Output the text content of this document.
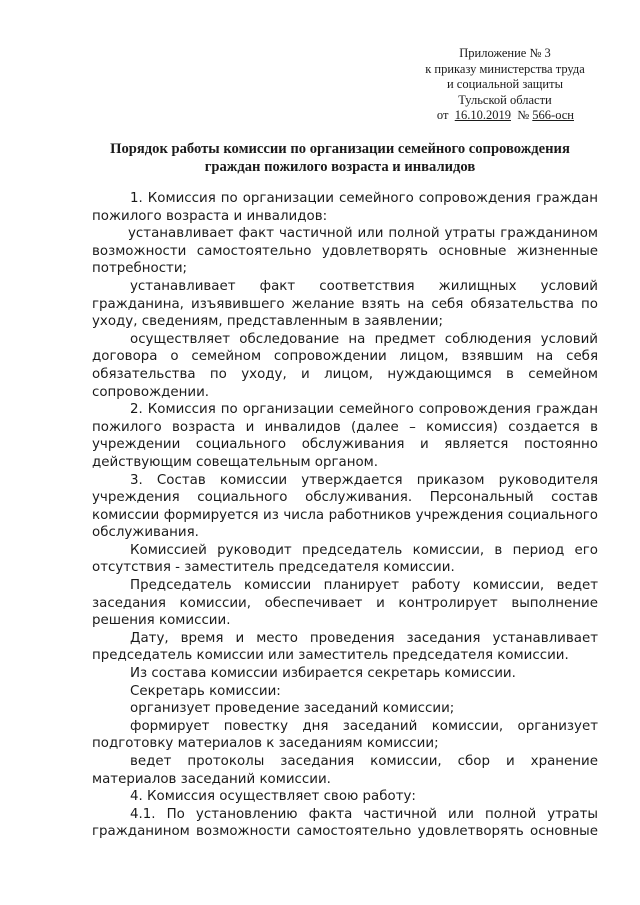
Приложение № 3
к приказу министерства труда
и социальной защиты
Тульской области
от 16.10.2019 № 566-осн
Порядок работы комиссии по организации семейного сопровождения
граждан пожилого возраста и инвалидов

1. Комиссия по организации семейного сопровождения граждан пожилого возраста и инвалидов:

устанавливает факт частичной или полной утраты гражданином возможности самостоятельно удовлетворять основные жизненные потребности;

устанавливает факт соответствия жилищных условий гражданина, изъявившего желание взять на себя обязательства по уходу, сведениям, представленным в заявлении;

осуществляет обследование на предмет соблюдения условий договора о семейном сопровождении лицом, взявшим на себя обязательства по уходу, и лицом, нуждающимся в семейном сопровождении.

2. Комиссия по организации семейного сопровождения граждан пожилого возраста и инвалидов (далее – комиссия) создается в учреждении социального обслуживания и является постоянно действующим совещательным органом.

3. Состав комиссии утверждается приказом руководителя учреждения социального обслуживания. Персональный состав комиссии формируется из числа работников учреждения социального обслуживания.

Комиссией руководит председатель комиссии, в период его отсутствия - заместитель председателя комиссии.

Председатель комиссии планирует работу комиссии, ведет заседания комиссии, обеспечивает и контролирует выполнение решения комиссии.

Дату, время и место проведения заседания устанавливает председатель комиссии или заместитель председателя комиссии.

Из состава комиссии избирается секретарь комиссии.

Секретарь комиссии:

организует проведение заседаний комиссии;

формирует повестку дня заседаний комиссии, организует подготовку материалов к заседаниям комиссии;

ведет протоколы заседания комиссии, сбор и хранение материалов заседаний комиссии.

4. Комиссия осуществляет свою работу:

4.1. По установлению факта частичной или полной утраты гражданином возможности самостоятельно удовлетворять основные
